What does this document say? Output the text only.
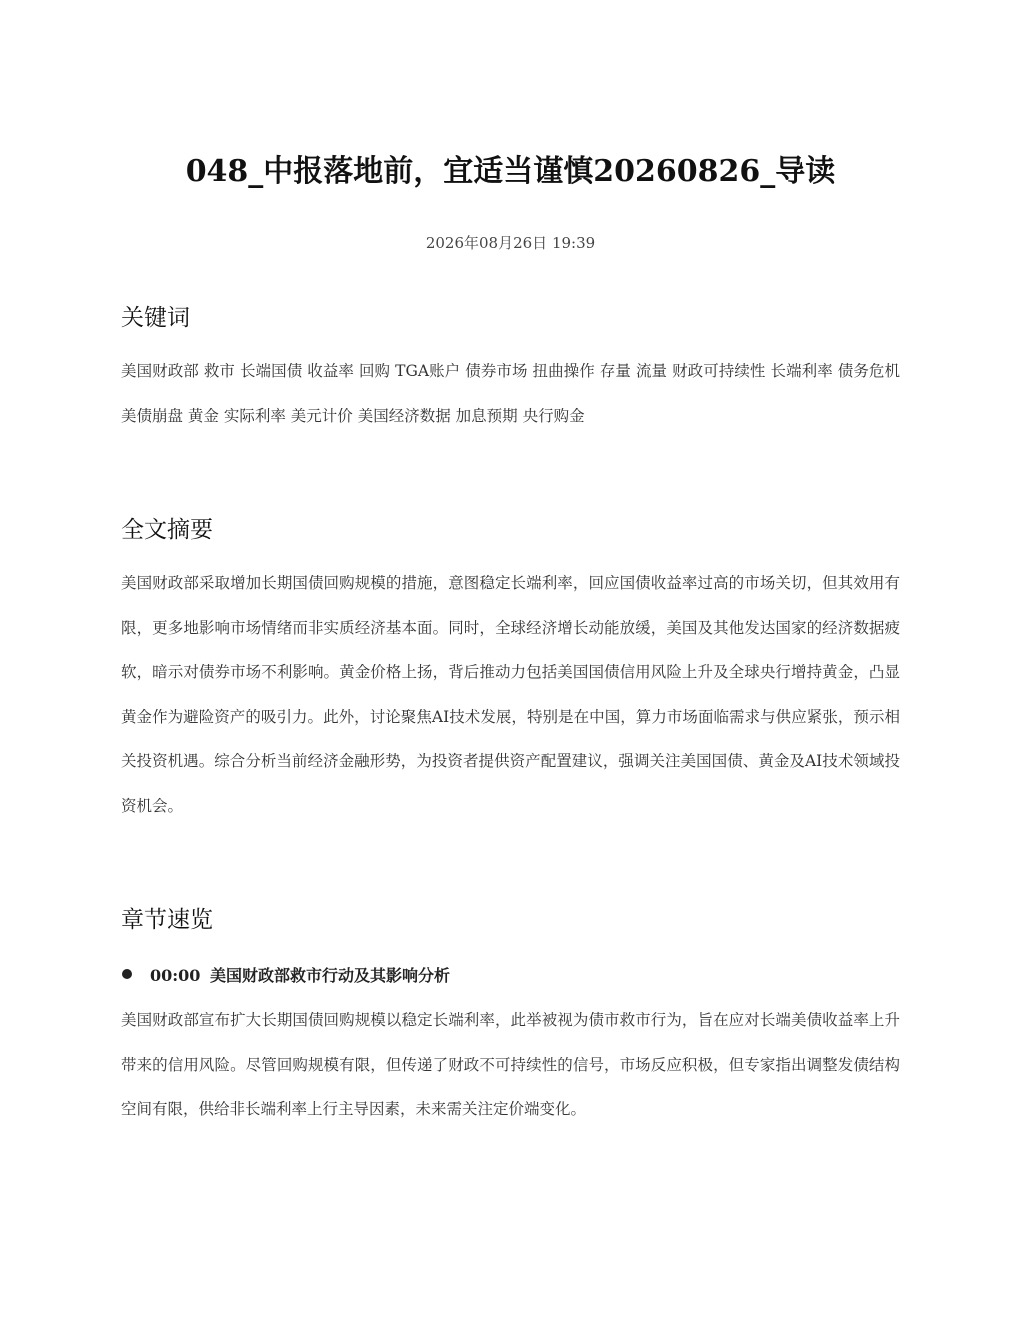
048_中报落地前，宜适当谨慎20260826_导读
2026年08月26日 19:39
关键词
美国财政部 救市 长端国债 收益率 回购 TGA账户 债券市场 扭曲操作 存量 流量 财政可持续性 长端利率 债务危机 美债崩盘 黄金 实际利率 美元计价 美国经济数据 加息预期 央行购金
全文摘要
美国财政部采取增加长期国债回购规模的措施，意图稳定长端利率，回应国债收益率过高的市场关切，但其效用有限，更多地影响市场情绪而非实质经济基本面。同时，全球经济增长动能放缓，美国及其他发达国家的经济数据疲软，暗示对债券市场不利影响。黄金价格上扬，背后推动力包括美国国债信用风险上升及全球央行增持黄金，凸显黄金作为避险资产的吸引力。此外，讨论聚焦AI技术发展，特别是在中国，算力市场面临需求与供应紧张，预示相关投资机遇。综合分析当前经济金融形势，为投资者提供资产配置建议，强调关注美国国债、黄金及AI技术领域投资机会。
章节速览
00:00 美国财政部救市行动及其影响分析
美国财政部宣布扩大长期国债回购规模以稳定长端利率，此举被视为债市救市行为，旨在应对长端美债收益率上升带来的信用风险。尽管回购规模有限，但传递了财政不可持续性的信号，市场反应积极，但专家指出调整发债结构空间有限，供给非长端利率上行主导因素，未来需关注定价端变化。
